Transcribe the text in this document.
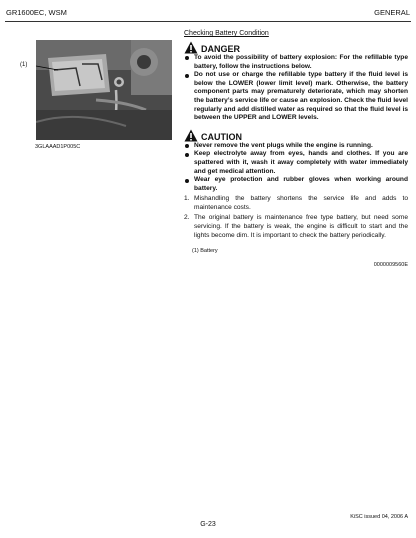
GR1600EC, WSM	GENERAL
(1)
3GLAAAD1P005C
Checking Battery Condition
DANGER
To avoid the possibility of battery explosion: For the refillable type battery, follow the instructions below.
Do not use or charge the refillable type battery if the fluid level is below the LOWER (lower limit level) mark. Otherwise, the battery component parts may prematurely deteriorate, which may shorten the battery’s service life or cause an explosion. Check the fluid level regularly and add distilled water as required so that the fluid level is between the UPPER and LOWER levels.
CAUTION
Never remove the vent plugs while the engine is running.
Keep electrolyte away from eyes, hands and clothes. If you are spattered with it, wash it away completely with water immediately and get medical attention.
Wear eye protection and rubber gloves when working around battery.
1. Mishandling the battery shortens the service life and adds to maintenance costs.
2. The original battery is maintenance free type battery, but need some servicing. If the battery is weak, the engine is difficult to start and the lights become dim. It is important to check the battery periodically.
(1) Battery
0000009560E
KiSC issued 04, 2006 A
G-23
